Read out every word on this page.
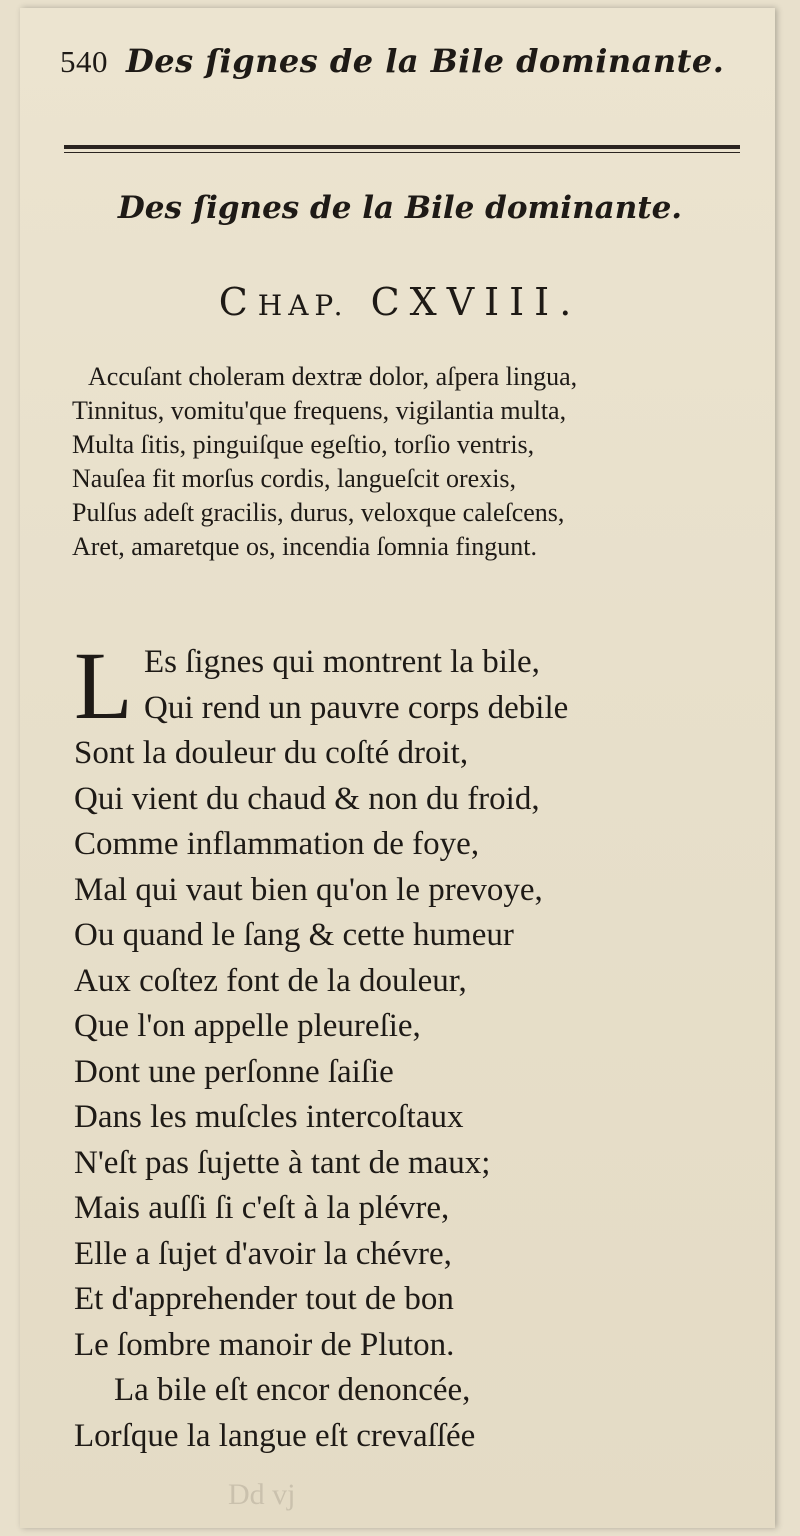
540 Des ſignes de la Bile dominante.
Des ſignes de la Bile dominante.
CHAP. CXVIII.
Accuſant choleram dextræ dolor, aſpera lingua,
Tinnitus, vomitu'que frequens, vigilantia multa,
Multa ſitis, pinguiſque egeſtio, torſio ventris,
Nauſea fit morſus cordis, langueſcit orexis,
Pulſus adeſt gracilis, durus, veloxque caleſcens,
Aret, amaretque os, incendia ſomnia fingunt.
L Es ſignes qui montrent la bile,
Qui rend un pauvre corps debile
Sont la douleur du coſté droit,
Qui vient du chaud & non du froid,
Comme inflammation de foye,
Mal qui vaut bien qu'on le prevoye,
Ou quand le ſang & cette humeur
Aux coſtez font de la douleur,
Que l'on appelle pleureſie,
Dont une perſonne ſaiſie
Dans les muſcles intercoſtaux
N'eſt pas ſujette à tant de maux;
Mais auſſi ſi c'eſt à la plévre,
Elle a ſujet d'avoir la chévre,
Et d'apprehender tout de bon
Le ſombre manoir de Pluton.
La bile eſt encor denoncée,
Lorſque la langue eſt crevaſſée
Dd vj
